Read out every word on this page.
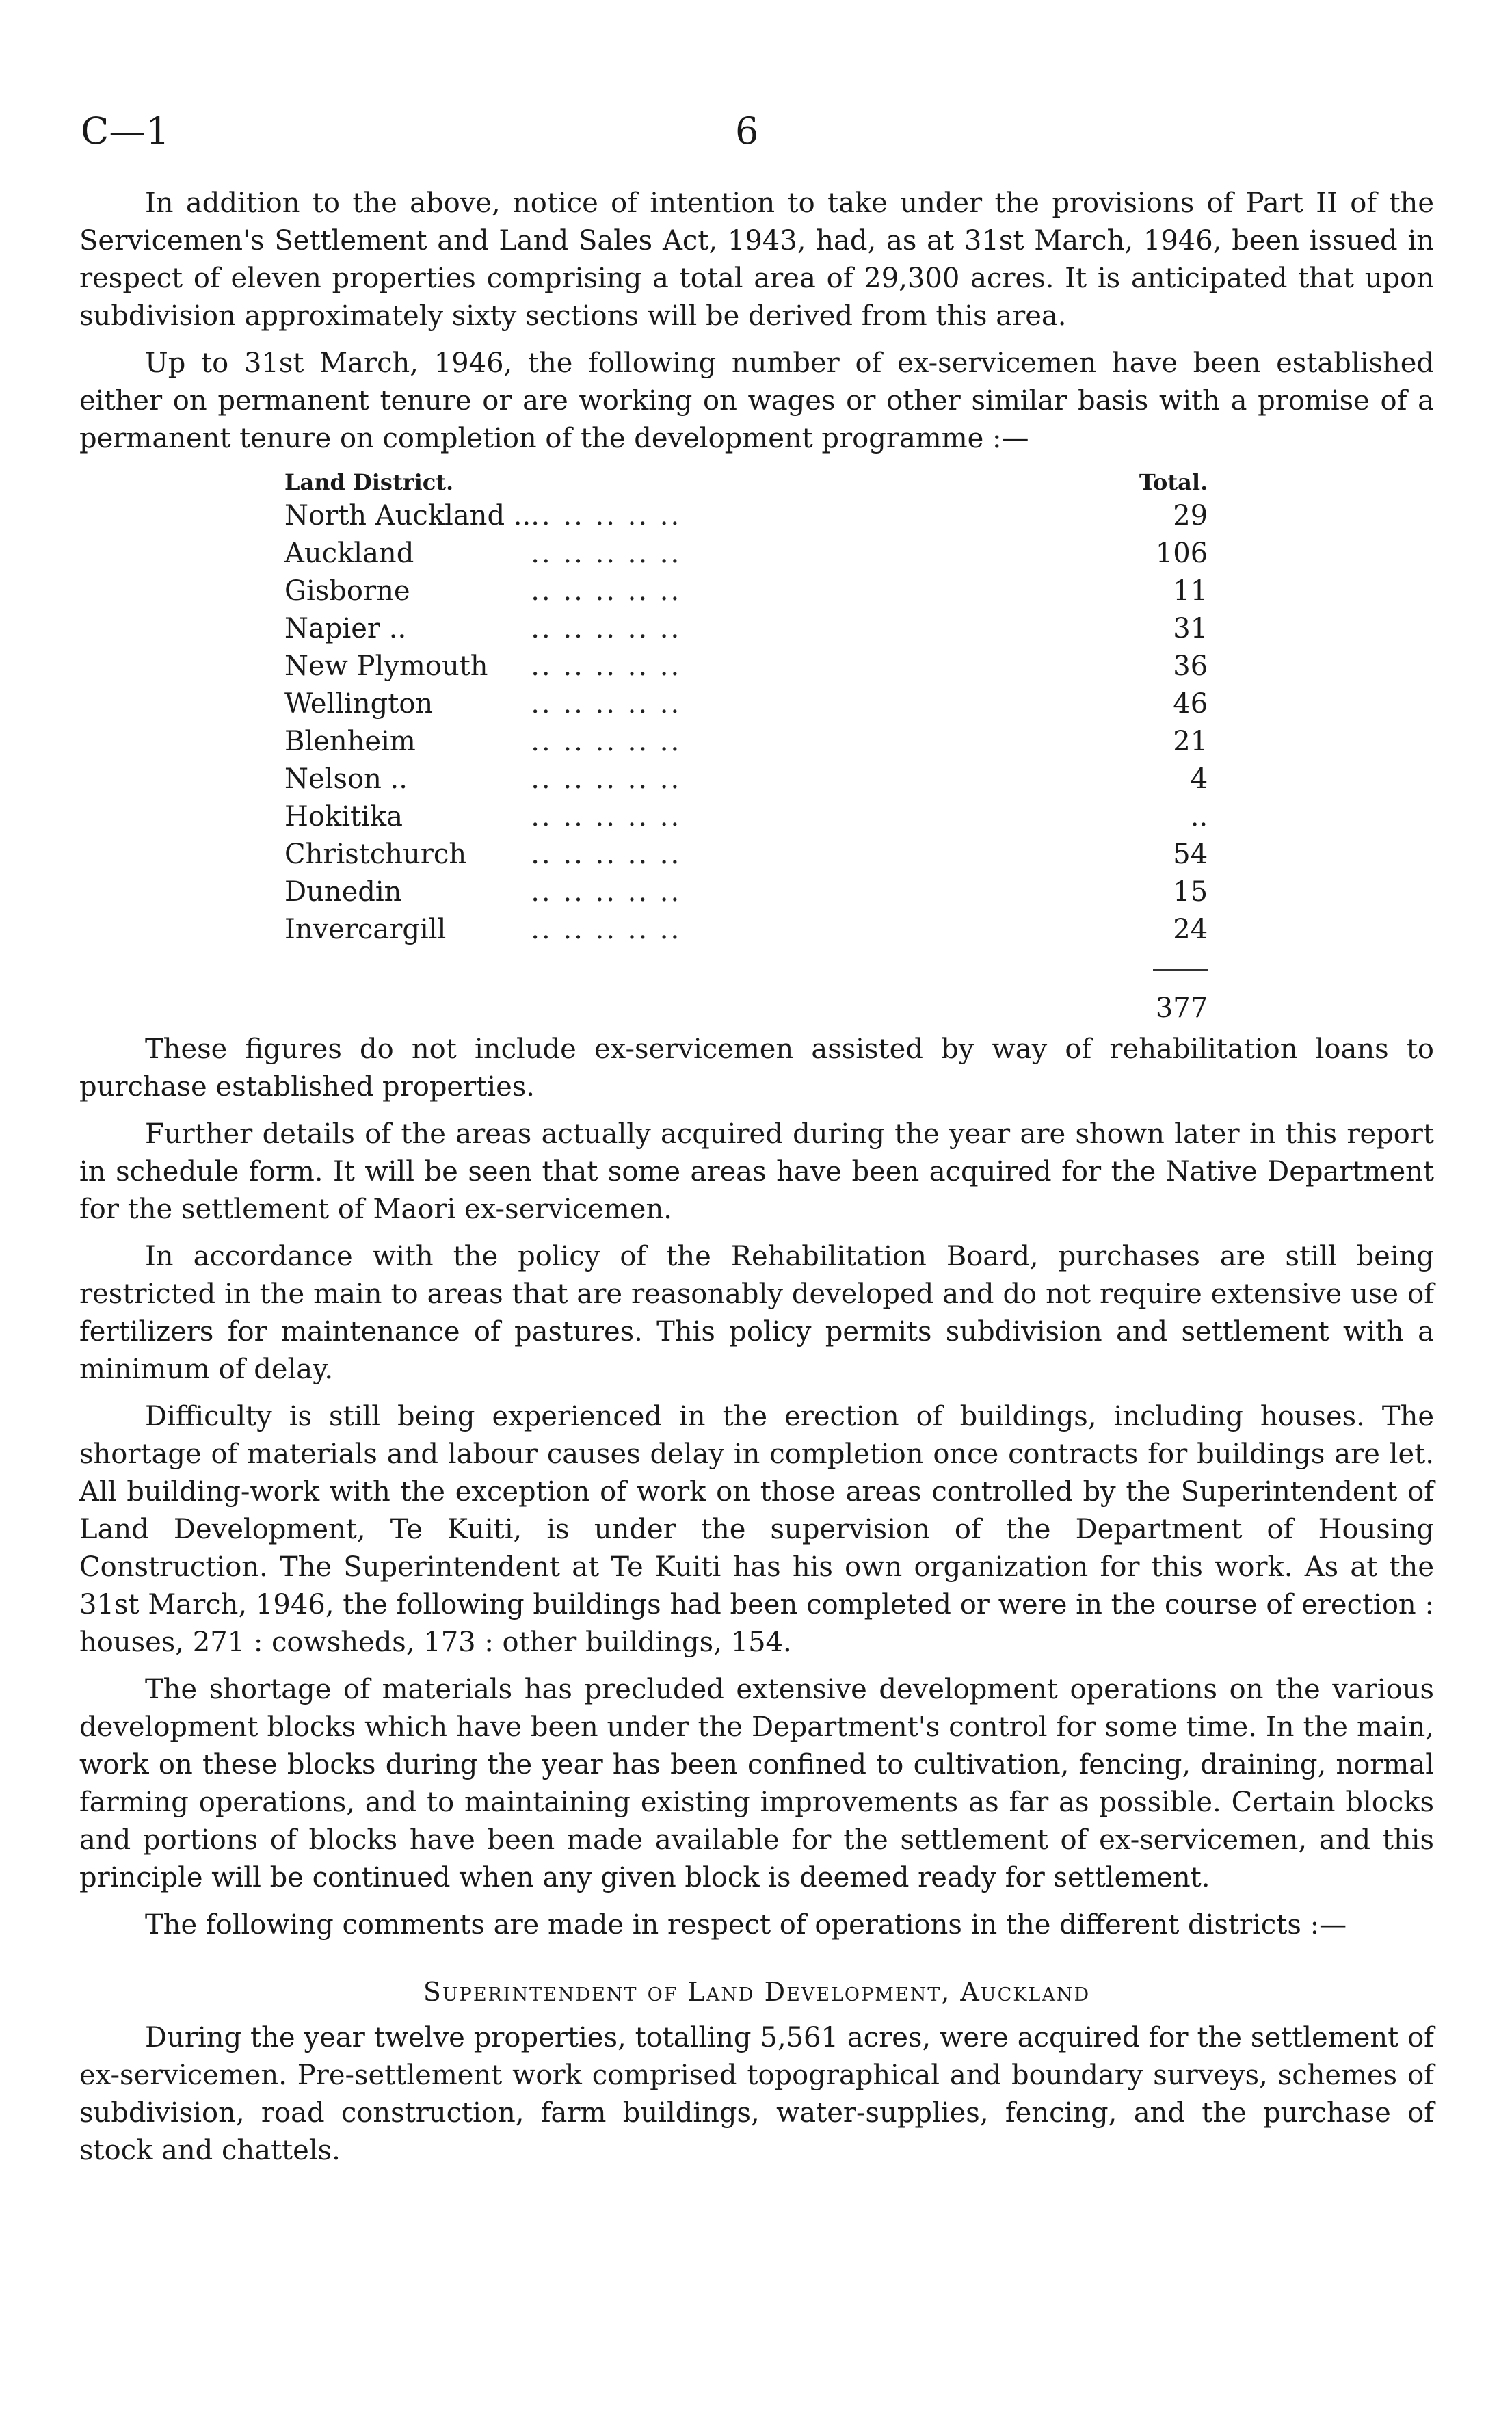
C—1	6

In addition to the above, notice of intention to take under the provisions of Part II of the Servicemen's Settlement and Land Sales Act, 1943, had, as at 31st March, 1946, been issued in respect of eleven properties comprising a total area of 29,300 acres. It is anticipated that upon subdivision approximately sixty sections will be derived from this area.

Up to 31st March, 1946, the following number of ex-servicemen have been established either on permanent tenure or are working on wages or other similar basis with a promise of a permanent tenure on completion of the development programme :—

Land District.		Total.
North Auckland ..	.. .. .. .. ..	29
Auckland	.. .. .. .. ..	106
Gisborne	.. .. .. .. ..	11
Napier ..	.. .. .. .. ..	31
New Plymouth	.. .. .. .. ..	36
Wellington	.. .. .. .. ..	46
Blenheim	.. .. .. .. ..	21
Nelson ..	.. .. .. .. ..	4
Hokitika	.. .. .. .. ..	..
Christchurch	.. .. .. .. ..	54
Dunedin	.. .. .. .. ..	15
Invercargill	.. .. .. .. ..	24

		377

These figures do not include ex-servicemen assisted by way of rehabilitation loans to purchase established properties.

Further details of the areas actually acquired during the year are shown later in this report in schedule form. It will be seen that some areas have been acquired for the Native Department for the settlement of Maori ex-servicemen.

In accordance with the policy of the Rehabilitation Board, purchases are still being restricted in the main to areas that are reasonably developed and do not require extensive use of fertilizers for maintenance of pastures. This policy permits subdivision and settlement with a minimum of delay.

Difficulty is still being experienced in the erection of buildings, including houses. The shortage of materials and labour causes delay in completion once contracts for buildings are let. All building-work with the exception of work on those areas controlled by the Superintendent of Land Development, Te Kuiti, is under the supervision of the Department of Housing Construction. The Superintendent at Te Kuiti has his own organization for this work. As at the 31st March, 1946, the following buildings had been completed or were in the course of erection : houses, 271 : cowsheds, 173 : other buildings, 154.

The shortage of materials has precluded extensive development operations on the various development blocks which have been under the Department's control for some time. In the main, work on these blocks during the year has been confined to cultivation, fencing, draining, normal farming operations, and to maintaining existing improvements as far as possible. Certain blocks and portions of blocks have been made available for the settlement of ex-servicemen, and this principle will be continued when any given block is deemed ready for settlement.

The following comments are made in respect of operations in the different districts :—

Superintendent of Land Development, Auckland

During the year twelve properties, totalling 5,561 acres, were acquired for the settlement of ex-servicemen. Pre-settlement work comprised topographical and boundary surveys, schemes of subdivision, road construction, farm buildings, water-supplies, fencing, and the purchase of stock and chattels.
